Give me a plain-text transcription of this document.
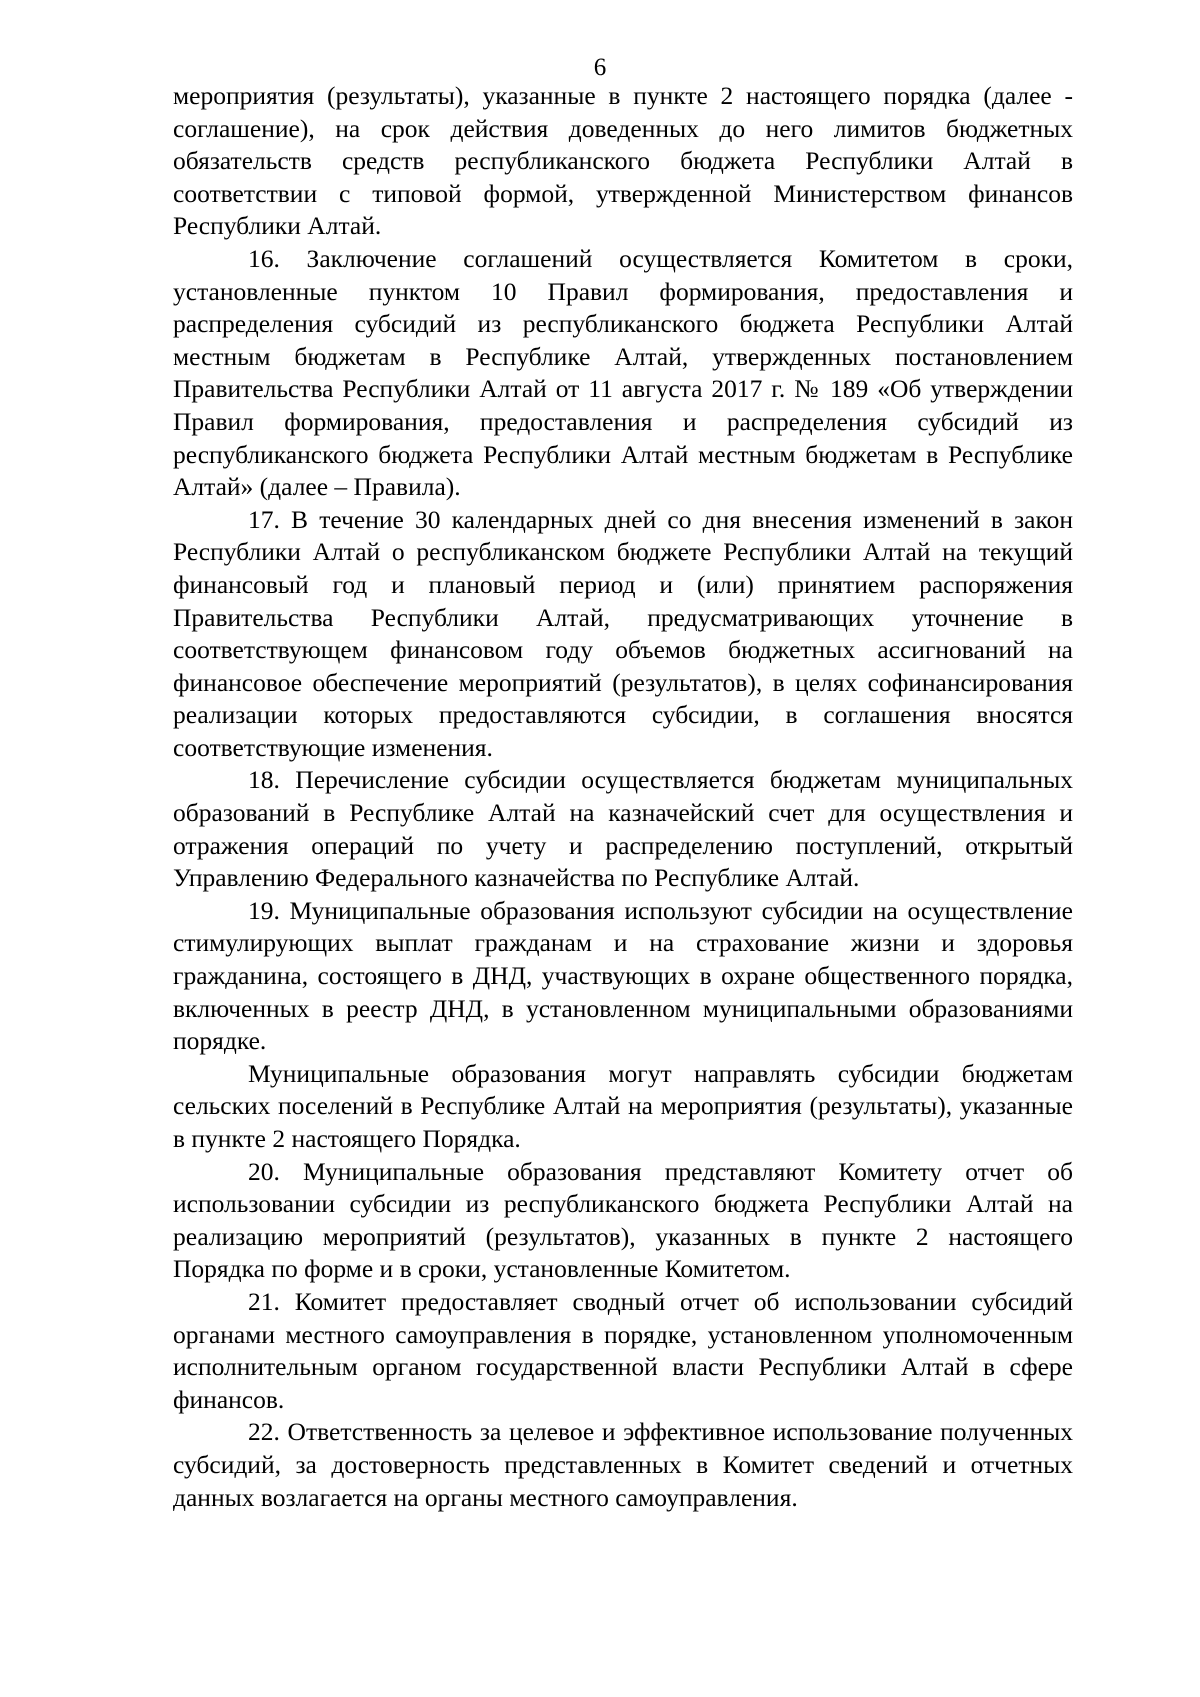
6

мероприятия (результаты), указанные в пункте 2 настоящего порядка (далее - соглашение), на срок действия доведенных до него лимитов бюджетных обязательств средств республиканского бюджета Республики Алтай в соответствии с типовой формой, утвержденной Министерством финансов Республики Алтай.

16. Заключение соглашений осуществляется Комитетом в сроки, установленные пунктом 10 Правил формирования, предоставления и распределения субсидий из республиканского бюджета Республики Алтай местным бюджетам в Республике Алтай, утвержденных постановлением Правительства Республики Алтай от 11 августа 2017 г. № 189 «Об утверждении Правил формирования, предоставления и распределения субсидий из республиканского бюджета Республики Алтай местным бюджетам в Республике Алтай» (далее – Правила).

17. В течение 30 календарных дней со дня внесения изменений в закон Республики Алтай о республиканском бюджете Республики Алтай на текущий финансовый год и плановый период и (или) принятием распоряжения Правительства Республики Алтай, предусматривающих уточнение в соответствующем финансовом году объемов бюджетных ассигнований на финансовое обеспечение мероприятий (результатов), в целях софинансирования реализации которых предоставляются субсидии, в соглашения вносятся соответствующие изменения.

18. Перечисление субсидии осуществляется бюджетам муниципальных образований в Республике Алтай на казначейский счет для осуществления и отражения операций по учету и распределению поступлений, открытый Управлению Федерального казначейства по Республике Алтай.

19. Муниципальные образования используют субсидии на осуществление стимулирующих выплат гражданам и на страхование жизни и здоровья гражданина, состоящего в ДНД, участвующих в охране общественного порядка, включенных в реестр ДНД, в установленном муниципальными образованиями порядке.

Муниципальные образования могут направлять субсидии бюджетам сельских поселений в Республике Алтай на мероприятия (результаты), указанные в пункте 2 настоящего Порядка.

20. Муниципальные образования представляют Комитету отчет об использовании субсидии из республиканского бюджета Республики Алтай на реализацию мероприятий (результатов), указанных в пункте 2 настоящего Порядка по форме и в сроки, установленные Комитетом.

21. Комитет предоставляет сводный отчет об использовании субсидий органами местного самоуправления в порядке, установленном уполномоченным исполнительным органом государственной власти Республики Алтай в сфере финансов.

22. Ответственность за целевое и эффективное использование полученных субсидий, за достоверность представленных в Комитет сведений и отчетных данных возлагается на органы местного самоуправления.
